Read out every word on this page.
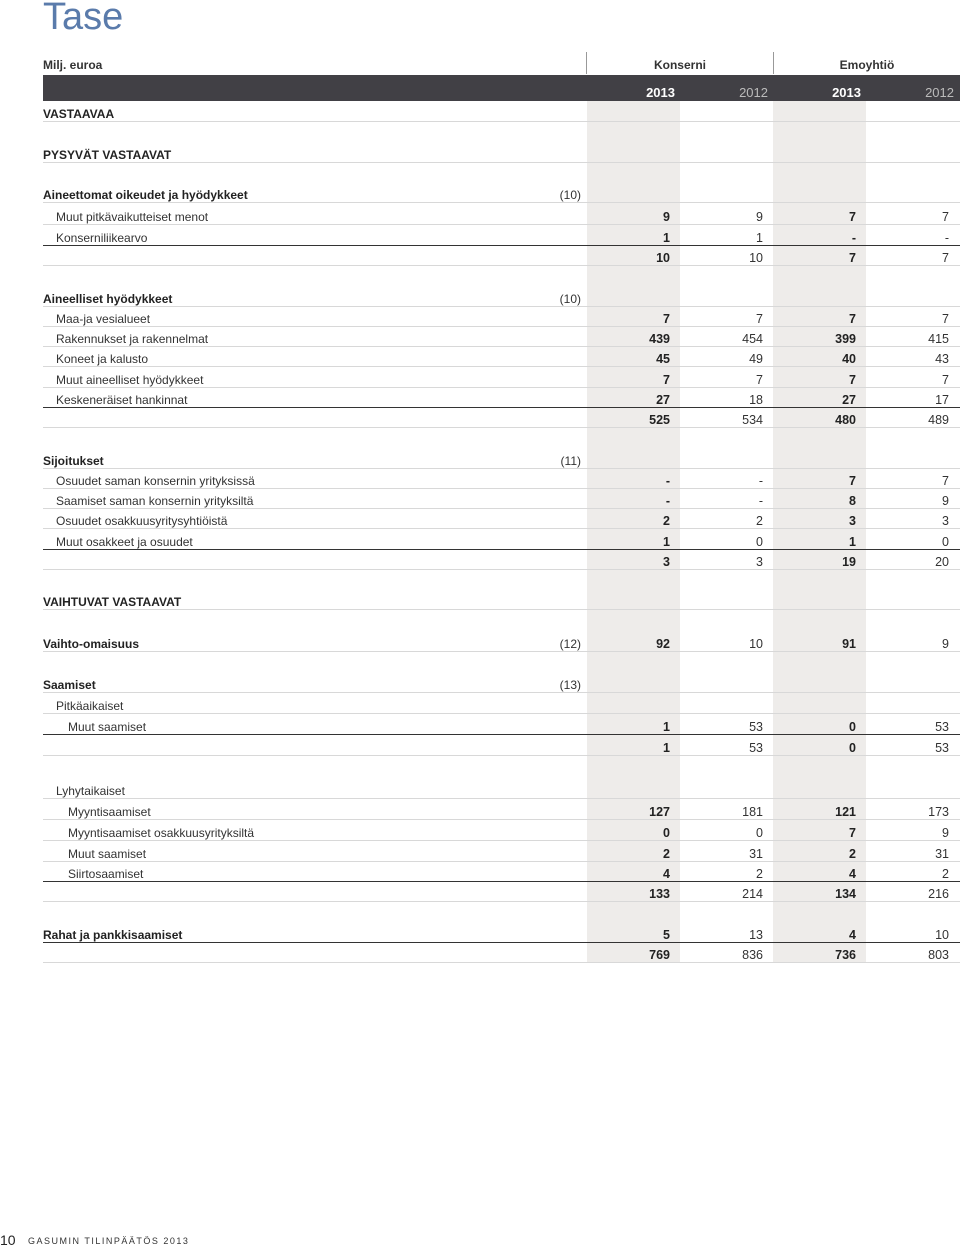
Tase
Milj. euroa	Konserni	Emoyhtiö
2013	2012	2013	2012
VASTAAVAA
PYSYVÄT VASTAAVAT
Aineettomat oikeudet ja hyödykkeet	(10)
Muut pitkävaikutteiset menot	9	9	7	7
Konserniliikearvo	1	1	-	-
10	10	7	7
Aineelliset hyödykkeet	(10)
Maa-ja vesialueet	7	7	7	7
Rakennukset ja rakennelmat	439	454	399	415
Koneet ja kalusto	45	49	40	43
Muut aineelliset hyödykkeet	7	7	7	7
Keskeneräiset hankinnat	27	18	27	17
525	534	480	489
Sijoitukset	(11)
Osuudet saman konsernin yrityksissä	-	-	7	7
Saamiset saman konsernin yrityksiltä	-	-	8	9
Osuudet osakkuusyritysyhtiöistä	2	2	3	3
Muut osakkeet ja osuudet	1	0	1	0
3	3	19	20
VAIHTUVAT VASTAAVAT
Vaihto-omaisuus	(12)	92	10	91	9
Saamiset	(13)
Pitkäaikaiset
Muut saamiset	1	53	0	53
1	53	0	53
Lyhytaikaiset
Myyntisaamiset	127	181	121	173
Myyntisaamiset osakkuusyrityksiltä	0	0	7	9
Muut saamiset	2	31	2	31
Siirtosaamiset	4	2	4	2
133	214	134	216
Rahat ja pankkisaamiset	5	13	4	10
769	836	736	803
10 GASUMIN TILINPÄÄTÖS 2013
